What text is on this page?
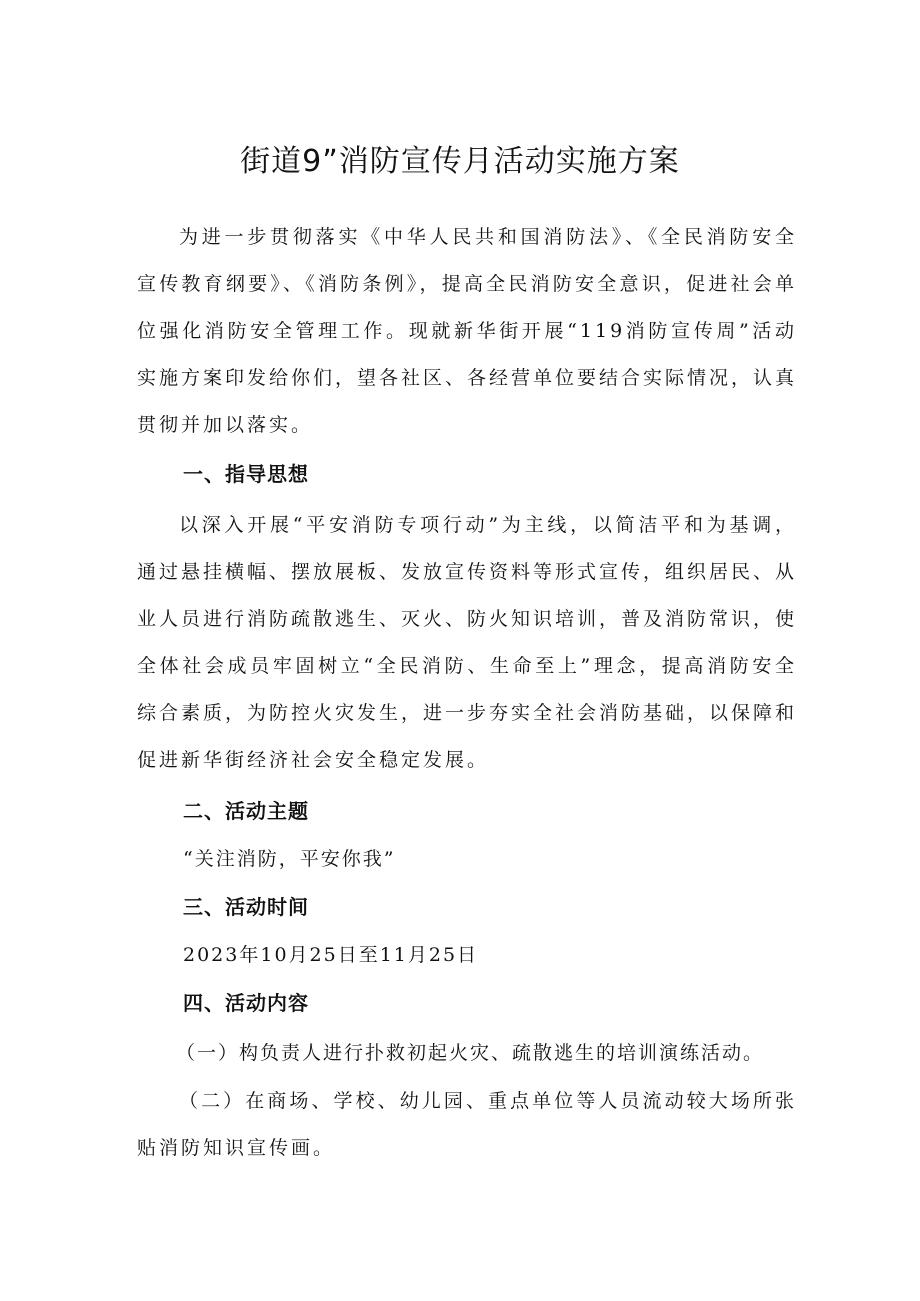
街道9”消防宣传月活动实施方案

为进一步贯彻落实《中华人民共和国消防法》、《全民消防安全宣传教育纲要》、《消防条例》，提高全民消防安全意识，促进社会单位强化消防安全管理工作。现就新华街开展“119消防宣传周”活动实施方案印发给你们，望各社区、各经营单位要结合实际情况，认真贯彻并加以落实。

一、指导思想

以深入开展“平安消防专项行动”为主线，以简洁平和为基调，通过悬挂横幅、摆放展板、发放宣传资料等形式宣传，组织居民、从业人员进行消防疏散逃生、灭火、防火知识培训，普及消防常识，使全体社会成员牢固树立“全民消防、生命至上”理念，提高消防安全综合素质，为防控火灾发生，进一步夯实全社会消防基础，以保障和促进新华街经济社会安全稳定发展。

二、活动主题

“关注消防，平安你我”

三、活动时间

2023年10月25日至11月25日

四、活动内容

（一）构负责人进行扑救初起火灾、疏散逃生的培训演练活动。

（二）在商场、学校、幼儿园、重点单位等人员流动较大场所张贴消防知识宣传画。
